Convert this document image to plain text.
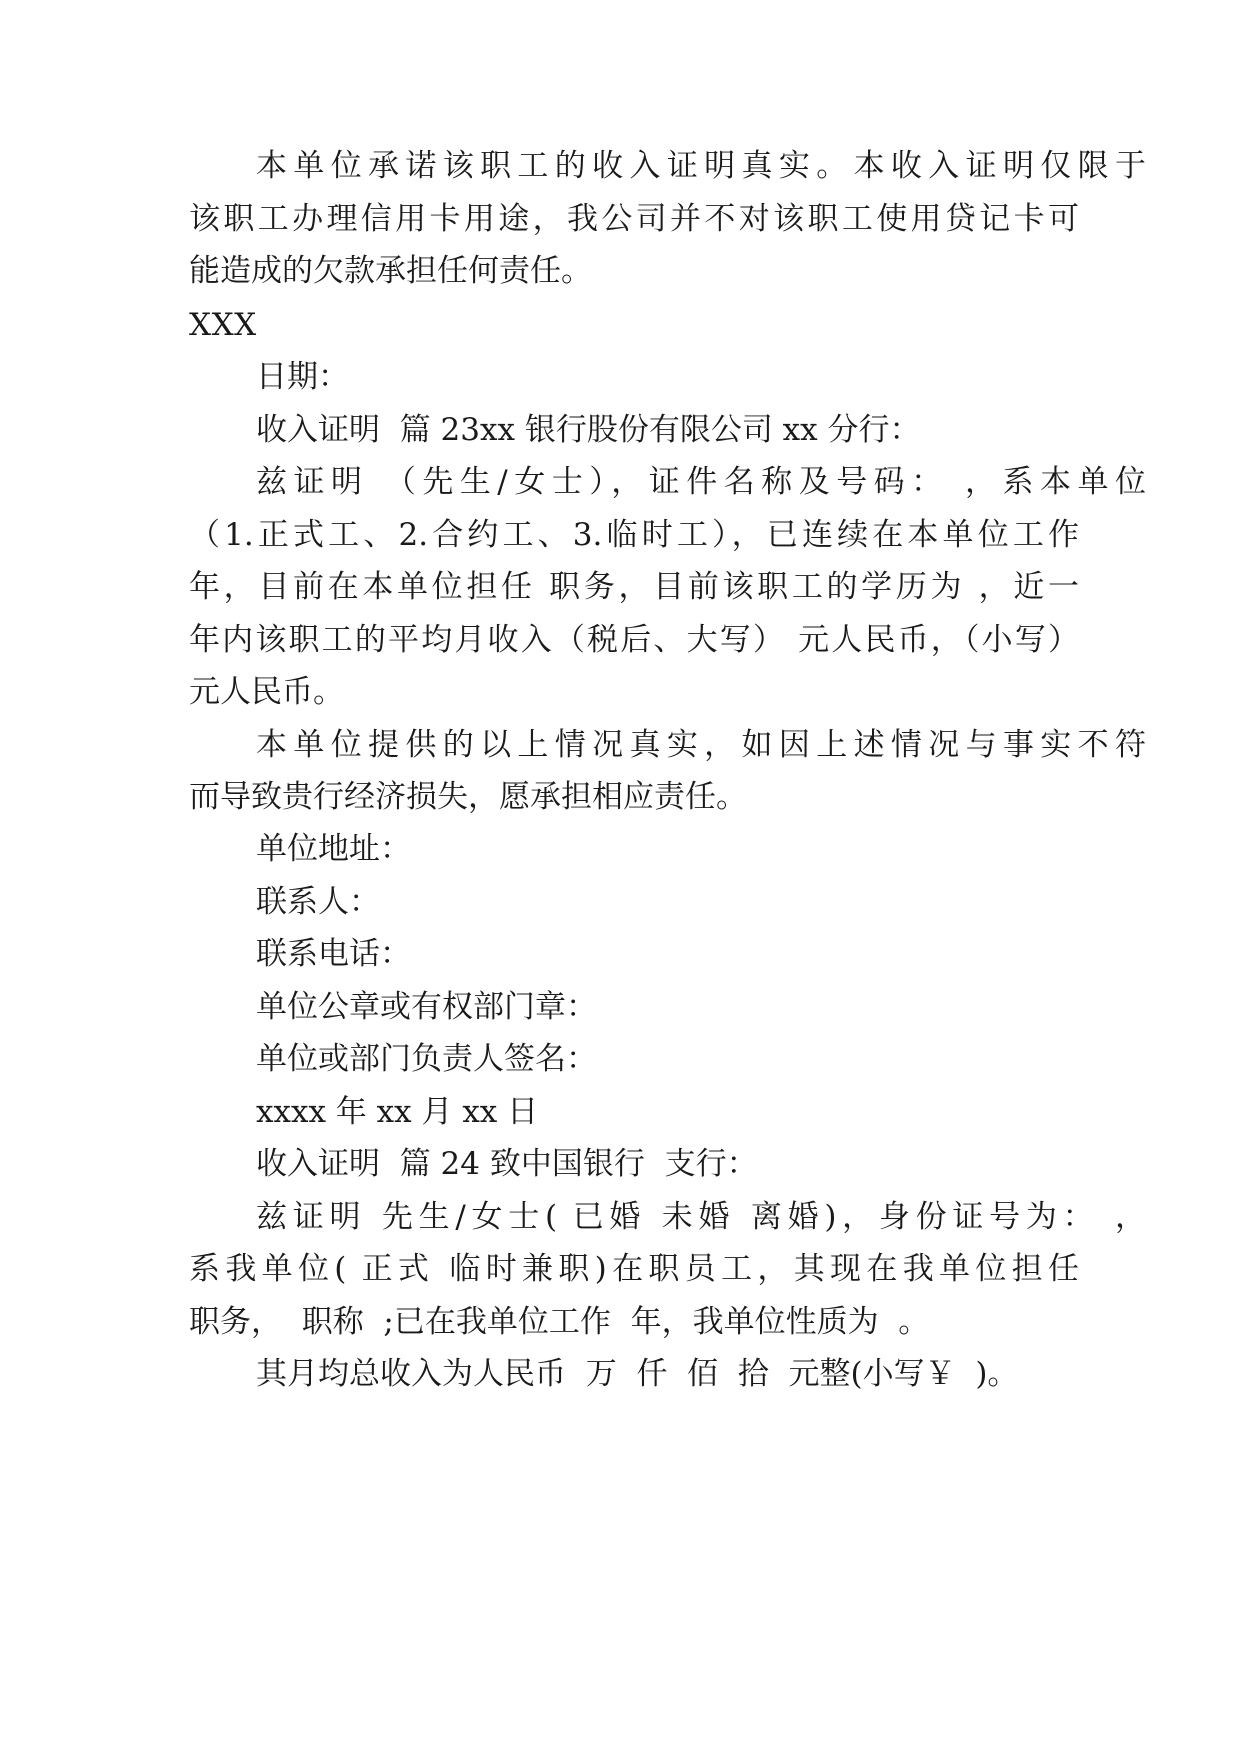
本单位承诺该职工的收入证明真实。本收入证明仅限于
该职工办理信用卡用途，我公司并不对该职工使用贷记卡可
能造成的欠款承担任何责任。
XXX
日期：
收入证明  篇 23xx 银行股份有限公司 xx 分行：
兹证明 （先生/女士），证件名称及号码： ，系本单位
（1.正式工、2.合约工、3.临时工），已连续在本单位工作
年，目前在本单位担任 职务，目前该职工的学历为 ，近一
年内该职工的平均月收入（税后、大写） 元人民币，（小写）
元人民币。
本单位提供的以上情况真实，如因上述情况与事实不符
而导致贵行经济损失，愿承担相应责任。
单位地址：
联系人：
联系电话：
单位公章或有权部门章：
单位或部门负责人签名：
xxxx 年 xx 月 xx 日
收入证明  篇 24 致中国银行  支行：
兹证明 先生/女士( 已婚 未婚 离婚)，身份证号为： ，
系我单位( 正式 临时兼职)在职员工，其现在我单位担任
职务，  职称  ;已在我单位工作  年，我单位性质为  。
其月均总收入为人民币  万  仟  佰  拾  元整(小写￥  )。
